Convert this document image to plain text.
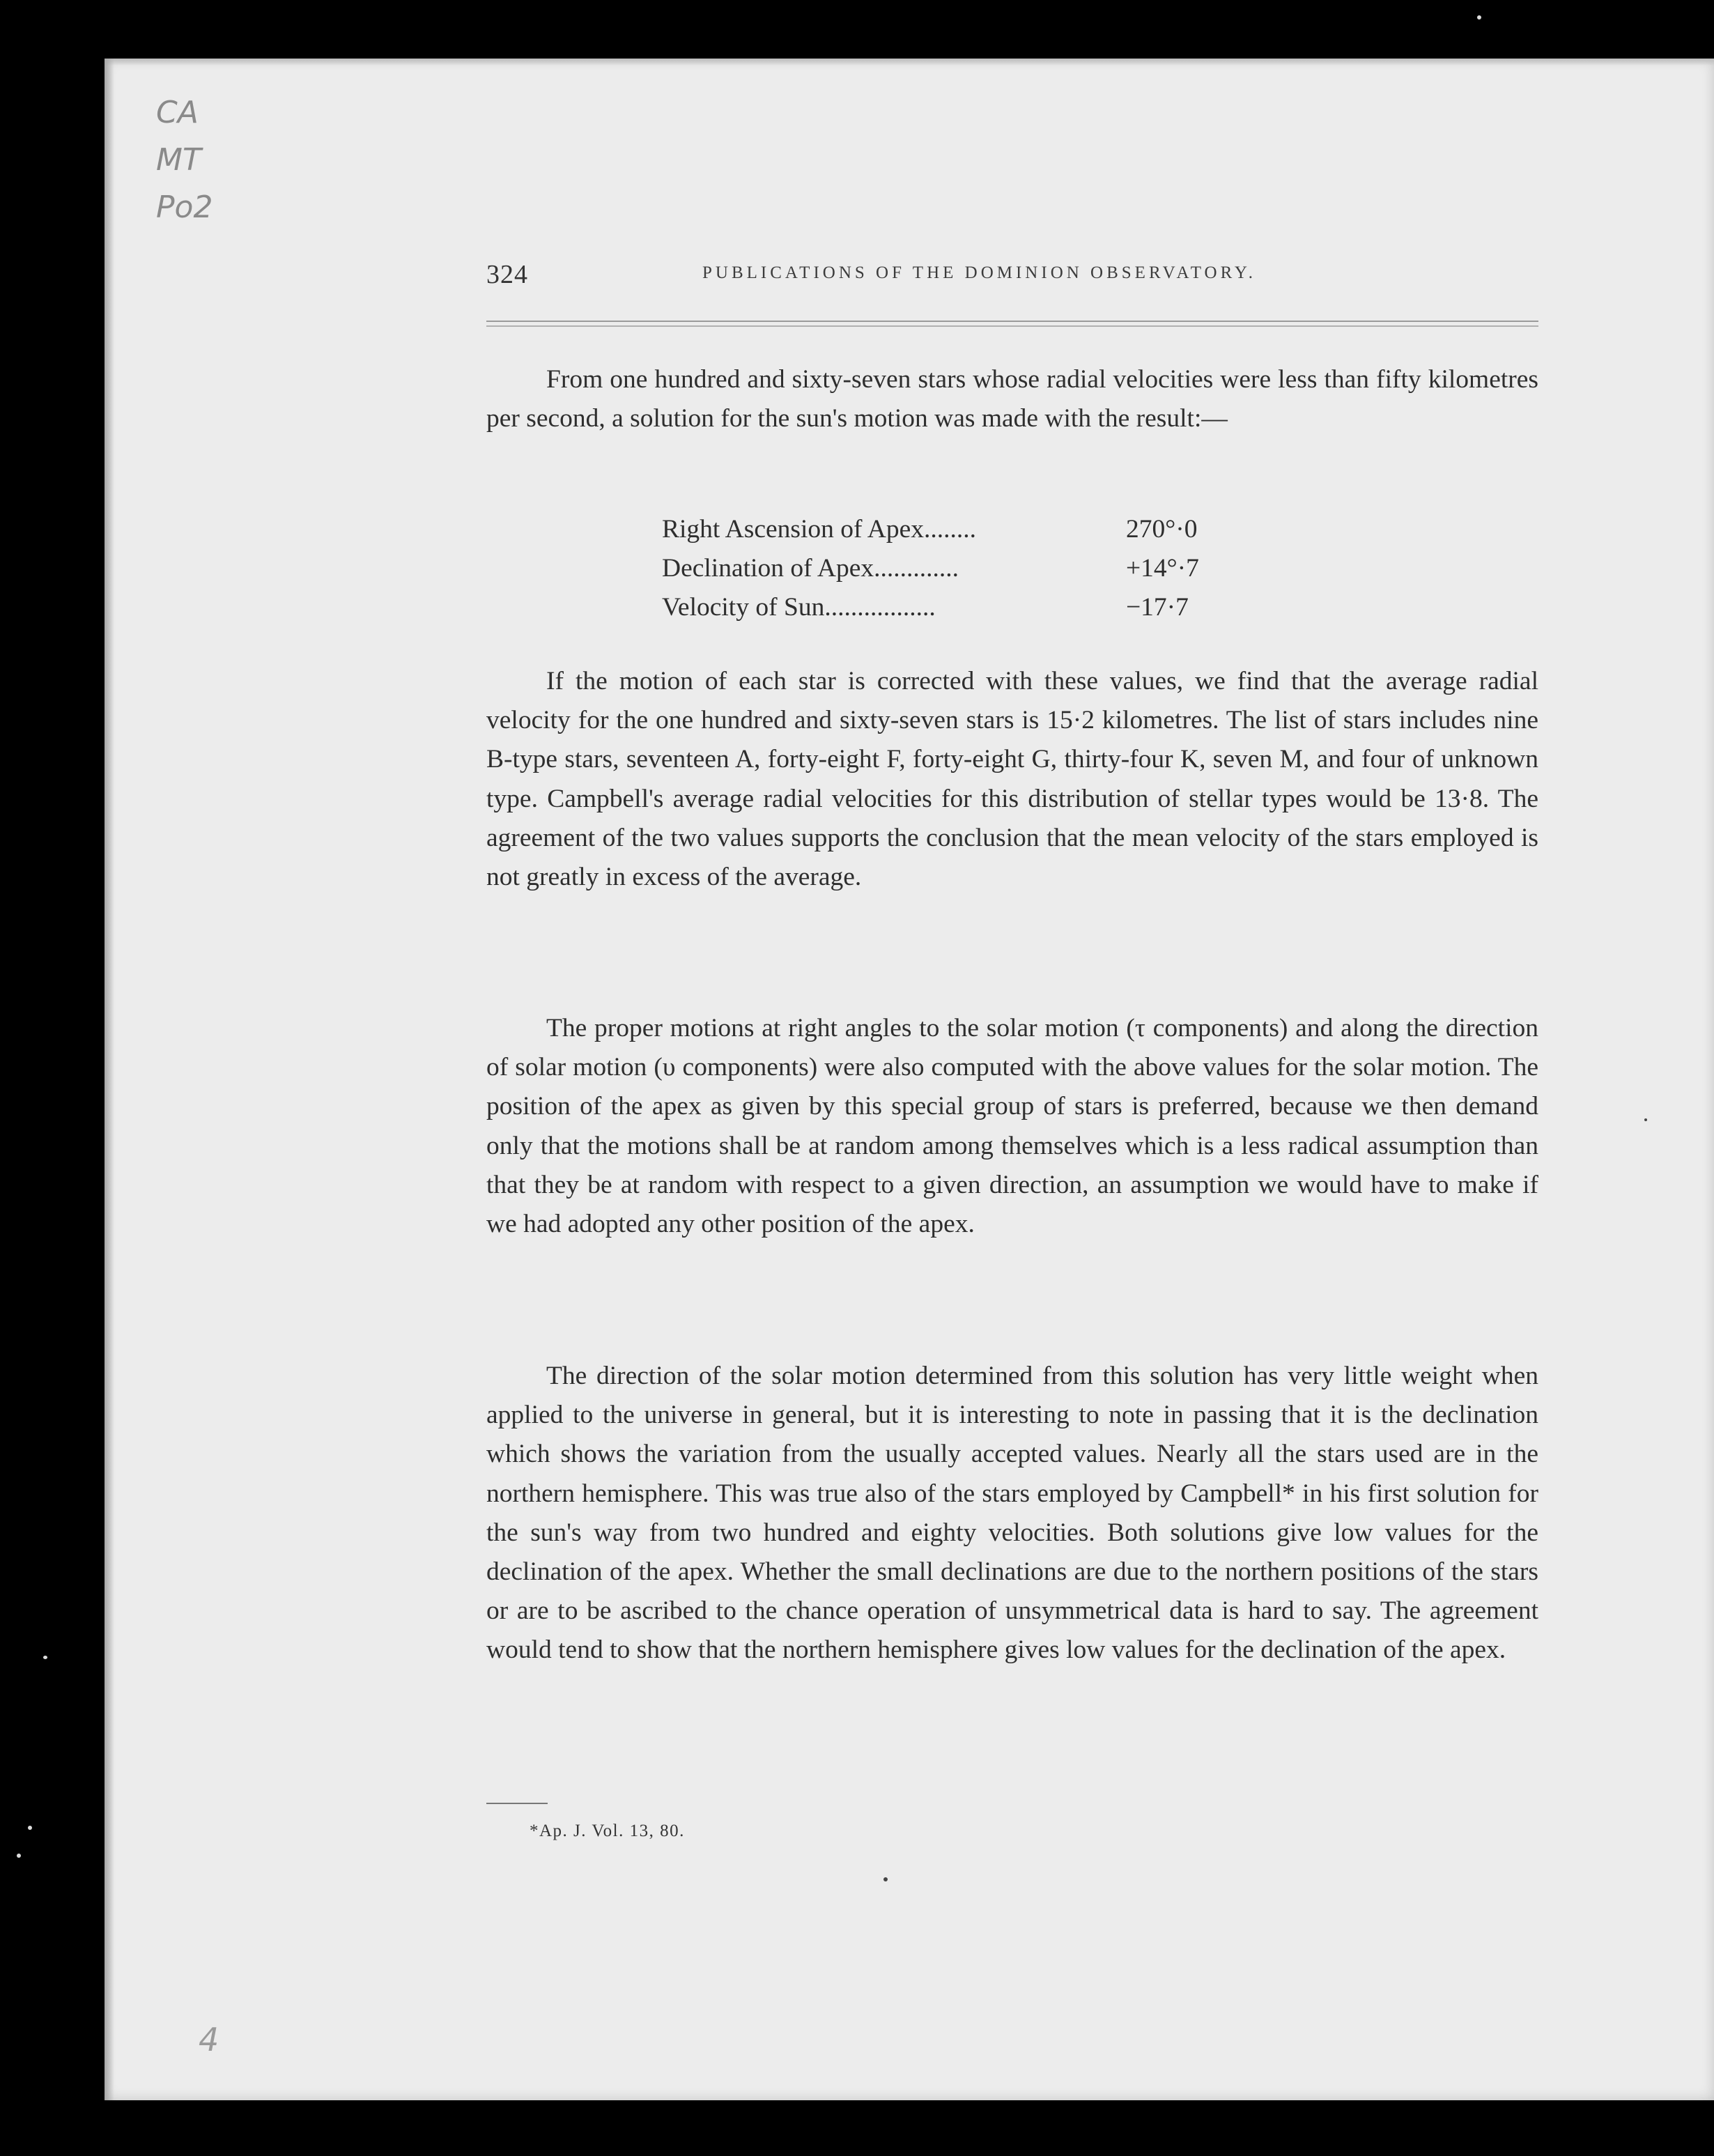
CA
MT
Po2
324	PUBLICATIONS OF THE DOMINION OBSERVATORY.

From one hundred and sixty-seven stars whose radial velocities were less than fifty kilometres per second, a solution for the sun's motion was made with the result:—

Right Ascension of Apex........	270°·0
Declination of Apex.............	+14°·7
Velocity of Sun.................	−17·7

If the motion of each star is corrected with these values, we find that the average radial velocity for the one hundred and sixty-seven stars is 15·2 kilometres. The list of stars includes nine B-type stars, seventeen A, forty-eight F, forty-eight G, thirty-four K, seven M, and four of unknown type. Campbell's average radial velocities for this distribution of stellar types would be 13·8. The agreement of the two values supports the conclusion that the mean velocity of the stars employed is not greatly in excess of the average.

The proper motions at right angles to the solar motion (τ components) and along the direction of solar motion (υ components) were also computed with the above values for the solar motion. The position of the apex as given by this special group of stars is preferred, because we then demand only that the motions shall be at random among themselves which is a less radical assumption than that they be at random with respect to a given direction, an assumption we would have to make if we had adopted any other position of the apex.

The direction of the solar motion determined from this solution has very little weight when applied to the universe in general, but it is interesting to note in passing that it is the declination which shows the variation from the usually accepted values. Nearly all the stars used are in the northern hemisphere. This was true also of the stars employed by Campbell* in his first solution for the sun's way from two hundred and eighty velocities. Both solutions give low values for the declination of the apex. Whether the small declinations are due to the northern positions of the stars or are to be ascribed to the chance operation of unsymmetrical data is hard to say. The agreement would tend to show that the northern hemisphere gives low values for the declination of the apex.

*Ap. J. Vol. 13, 80.
4
